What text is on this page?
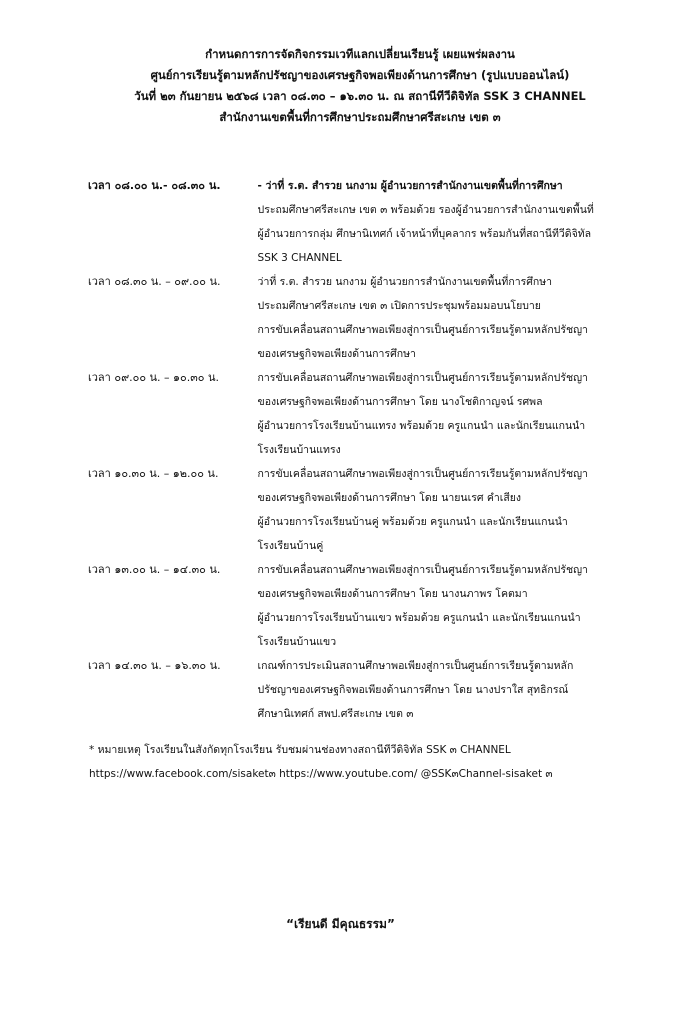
กำหนดการการจัดกิจกรรมเวทีแลกเปลี่ยนเรียนรู้ เผยแพร่ผลงาน
ศูนย์การเรียนรู้ตามหลักปรัชญาของเศรษฐกิจพอเพียงด้านการศึกษา (รูปแบบออนไลน์)
วันที่ ๒๓ กันยายน ๒๕๖๘ เวลา ๐๘.๓๐ – ๑๖.๓๐ น. ณ สถานีทีวีดิจิทัล SSK 3 CHANNEL
สำนักงานเขตพื้นที่การศึกษาประถมศึกษาศรีสะเกษ เขต ๓
เวลา ๐๘.๐๐ น.- ๐๘.๓๐ น.	- ว่าที่ ร.ต. สำรวย นกงาม ผู้อำนวยการสำนักงานเขตพื้นที่การศึกษา
ประถมศึกษาศรีสะเกษ เขต ๓ พร้อมด้วย รองผู้อำนวยการสำนักงานเขตพื้นที่
ผู้อำนวยการกลุ่ม ศึกษานิเทศก์ เจ้าหน้าที่บุคลากร พร้อมกันที่สถานีทีวีดิจิทัล
SSK 3 CHANNEL
เวลา ๐๘.๓๐ น. – ๐๙.๐๐ น.	ว่าที่ ร.ต. สำรวย นกงาม ผู้อำนวยการสำนักงานเขตพื้นที่การศึกษา
ประถมศึกษาศรีสะเกษ เขต ๓ เปิดการประชุมพร้อมมอบนโยบาย
การขับเคลื่อนสถานศึกษาพอเพียงสู่การเป็นศูนย์การเรียนรู้ตามหลักปรัชญา
ของเศรษฐกิจพอเพียงด้านการศึกษา
เวลา ๐๙.๐๐ น. – ๑๐.๓๐ น.	การขับเคลื่อนสถานศึกษาพอเพียงสู่การเป็นศูนย์การเรียนรู้ตามหลักปรัชญา
ของเศรษฐกิจพอเพียงด้านการศึกษา โดย นางโชติกาญจน์ รศพล
ผู้อำนวยการโรงเรียนบ้านแทรง พร้อมด้วย ครูแกนนำ และนักเรียนแกนนำ
โรงเรียนบ้านแทรง
เวลา ๑๐.๓๐ น. – ๑๒.๐๐ น.	การขับเคลื่อนสถานศึกษาพอเพียงสู่การเป็นศูนย์การเรียนรู้ตามหลักปรัชญา
ของเศรษฐกิจพอเพียงด้านการศึกษา โดย นายนเรศ คำเสียง
ผู้อำนวยการโรงเรียนบ้านคู่ พร้อมด้วย ครูแกนนำ และนักเรียนแกนนำ
โรงเรียนบ้านคู่
เวลา ๑๓.๐๐ น. – ๑๔.๓๐ น.	การขับเคลื่อนสถานศึกษาพอเพียงสู่การเป็นศูนย์การเรียนรู้ตามหลักปรัชญา
ของเศรษฐกิจพอเพียงด้านการศึกษา โดย นางนภาพร โคตมา
ผู้อำนวยการโรงเรียนบ้านแขว พร้อมด้วย ครูแกนนำ และนักเรียนแกนนำ
โรงเรียนบ้านแขว
เวลา ๑๔.๓๐ น. – ๑๖.๓๐ น.	เกณฑ์การประเมินสถานศึกษาพอเพียงสู่การเป็นศูนย์การเรียนรู้ตามหลัก
ปรัชญาของเศรษฐกิจพอเพียงด้านการศึกษา โดย นางปราใส สุทธิกรณ์
ศึกษานิเทศก์ สพป.ศรีสะเกษ เขต ๓
* หมายเหตุ โรงเรียนในสังกัดทุกโรงเรียน รับชมผ่านช่องทางสถานีทีวีดิจิทัล SSK ๓ CHANNEL
https://www.facebook.com/sisaket๓ https://www.youtube.com/ @SSK๓Channel-sisaket ๓
“เรียนดี มีคุณธรรม”
